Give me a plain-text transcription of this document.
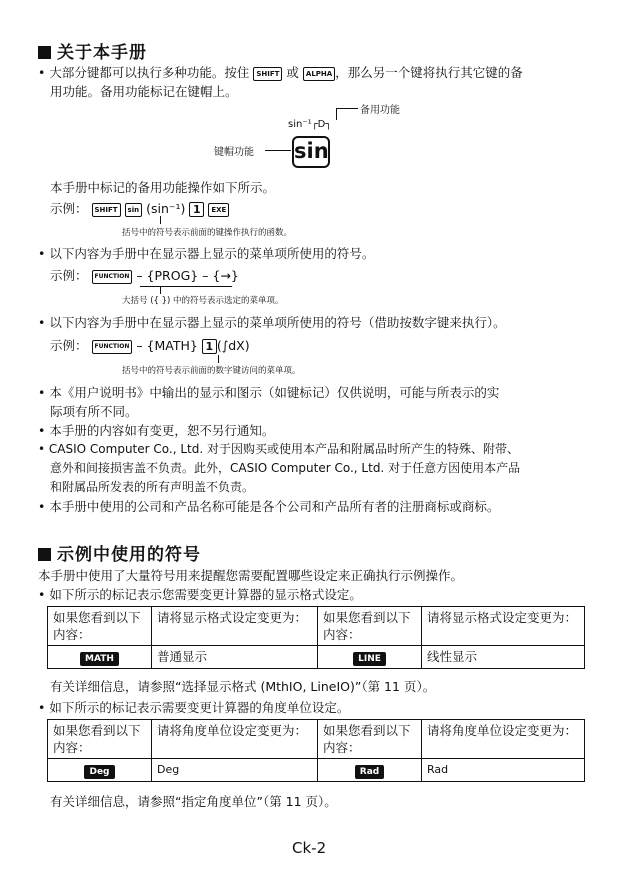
关于本手册
• 大部分键都可以执行多种功能。按住 SHIFT 或 ALPHA ，那么另一个键将执行其它键的备
用功能。备用功能标记在键帽上。
备用功能
sin⁻¹┌D┐
键帽功能 sin
本手册中标记的备用功能操作如下所示。
示例： SHIFT sin (sin⁻¹) 1 EXE
括号中的符号表示前面的键操作执行的函数。
• 以下内容为手册中在显示器上显示的菜单项所使用的符号。
示例： FUNCTION – {PROG} – {→}
大括号 ({ }) 中的符号表示选定的菜单项。
• 以下内容为手册中在显示器上显示的菜单项所使用的符号（借助按数字键来执行）。
示例： FUNCTION – {MATH} 1 (∫dX)
括号中的符号表示前面的数字键访问的菜单项。
• 本《用户说明书》中输出的显示和图示（如键标记）仅供说明，可能与所表示的实
际项有所不同。
• 本手册的内容如有变更，恕不另行通知。
• CASIO Computer Co., Ltd. 对于因购买或使用本产品和附属品时所产生的特殊、附带、
意外和间接损害盖不负责。此外，CASIO Computer Co., Ltd. 对于任意方因使用本产品
和附属品所发表的所有声明盖不负责。
• 本手册中使用的公司和产品名称可能是各个公司和产品所有者的注册商标或商标。
示例中使用的符号
本手册中使用了大量符号用来提醒您需要配置哪些设定来正确执行示例操作。
• 如下所示的标记表示您需要变更计算器的显示格式设定。
如果您看到以下内容：	请将显示格式设定变更为：	如果您看到以下内容：	请将显示格式设定变更为：
MATH	普通显示	LINE	线性显示
有关详细信息，请参照“选择显示格式 (MthIO, LineIO)”（第 11 页）。
• 如下所示的标记表示需要变更计算器的角度单位设定。
如果您看到以下内容：	请将角度单位设定变更为：	如果您看到以下内容：	请将角度单位设定变更为：
Deg	Deg	Rad	Rad
有关详细信息，请参照“指定角度单位”（第 11 页）。
Ck-2
